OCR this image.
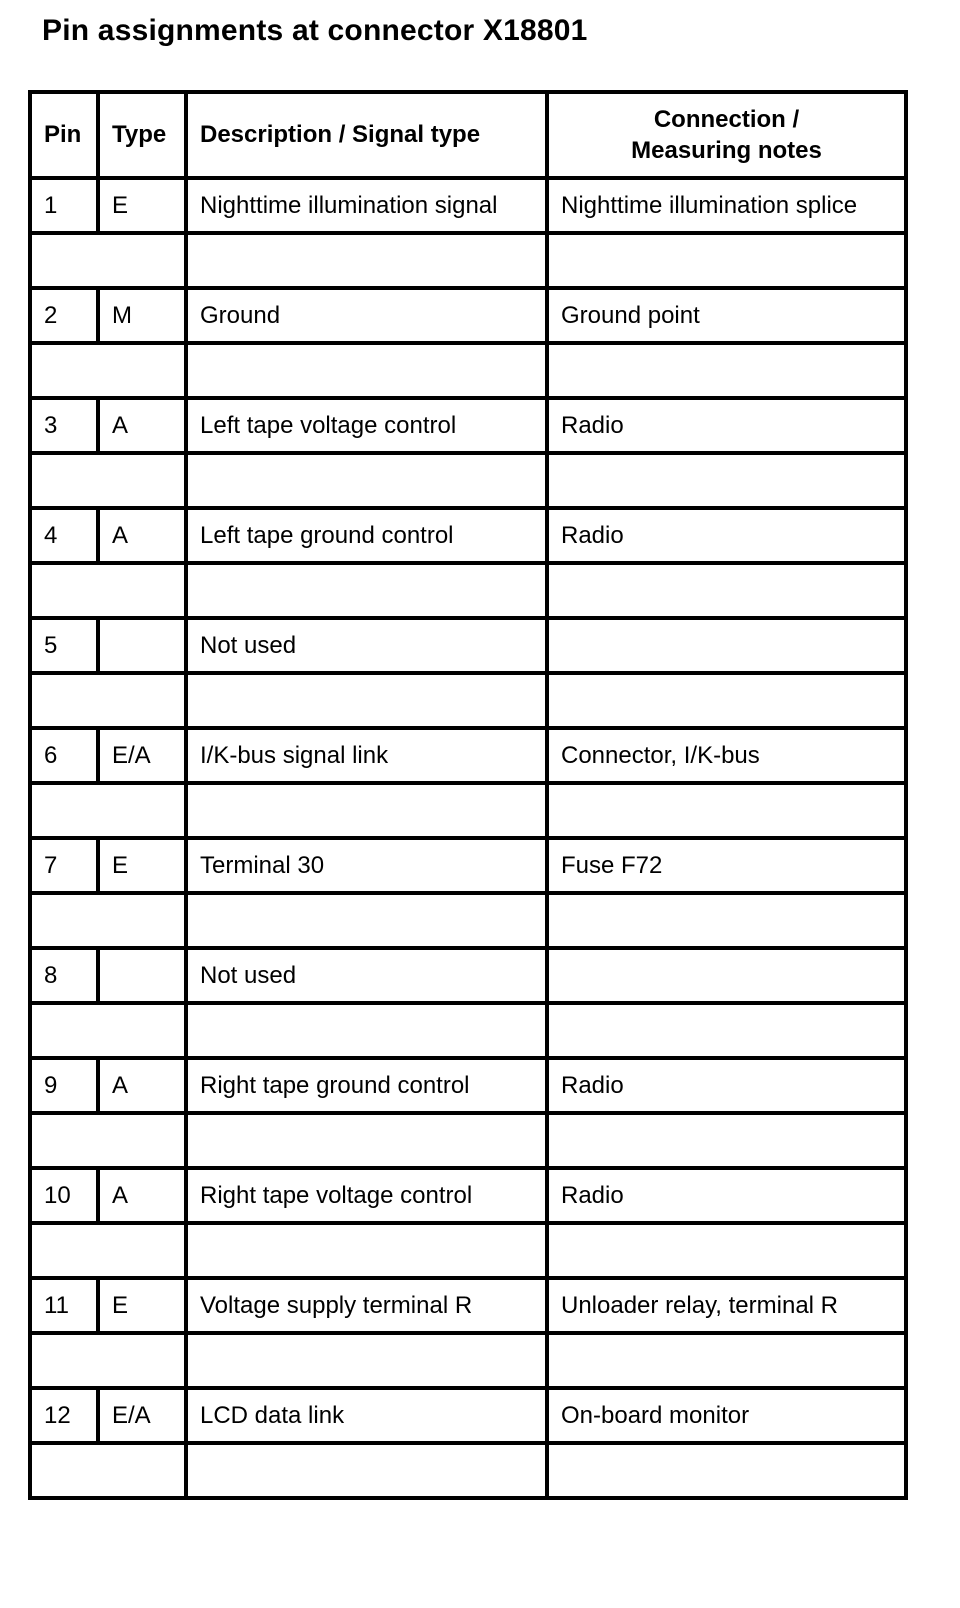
Pin assignments at connector X18801
Pin	Type	Description / Signal type	Connection /
Measuring notes
1	E	Nighttime illumination signal	Nighttime illumination splice

2	M	Ground	Ground point

3	A	Left tape voltage control	Radio

4	A	Left tape ground control	Radio

5		Not used	

6	E/A	I/K-bus signal link	Connector, I/K-bus

7	E	Terminal 30	Fuse F72

8		Not used	

9	A	Right tape ground control	Radio

10	A	Right tape voltage control	Radio

11	E	Voltage supply terminal R	Unloader relay, terminal R

12	E/A	LCD data link	On-board monitor
